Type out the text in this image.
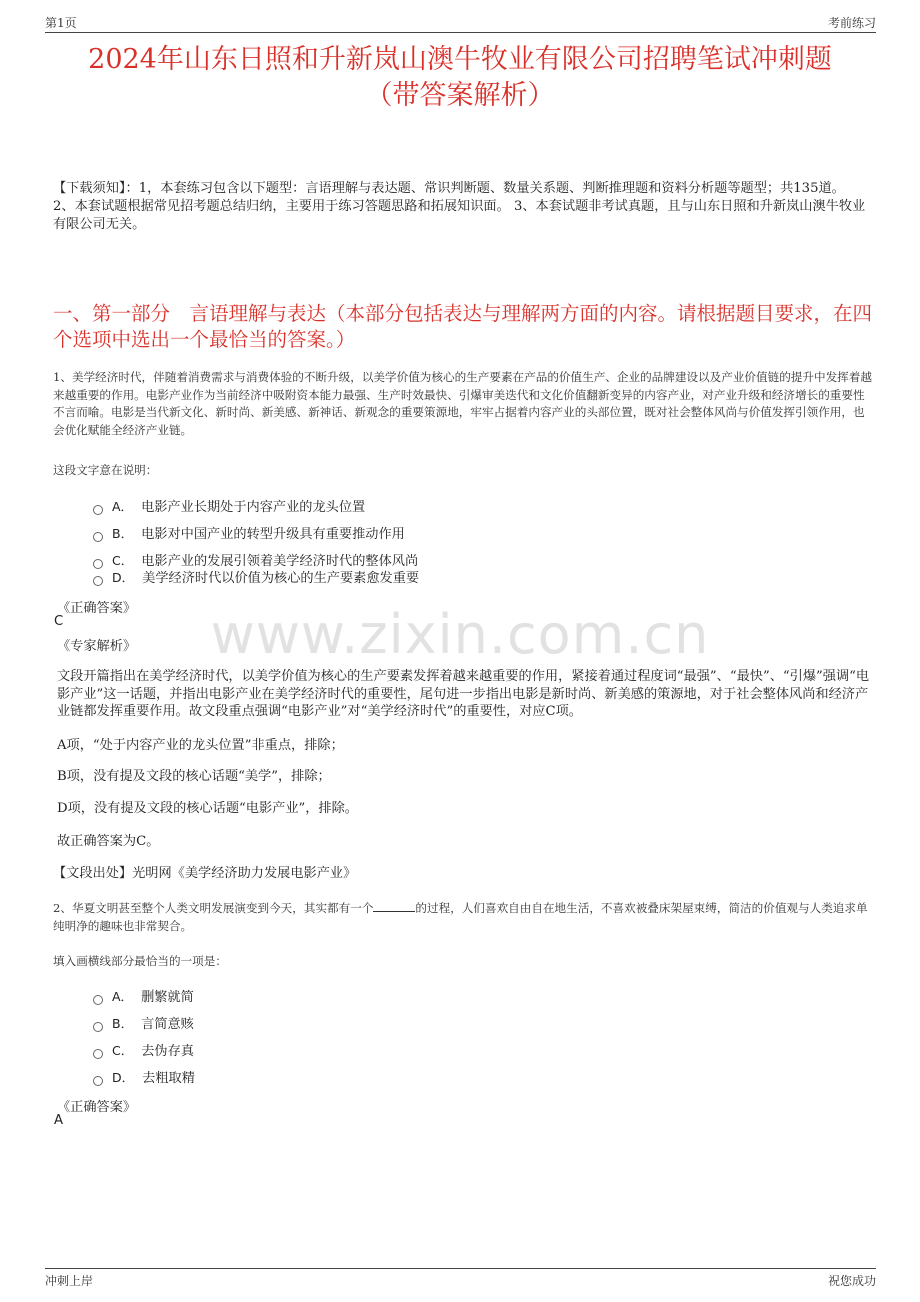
第1页	考前练习
2024年山东日照和升新岚山澳牛牧业有限公司招聘笔试冲刺题
（带答案解析）
【下载须知】：1，本套练习包含以下题型：言语理解与表达题、常识判断题、数量关系题、判断推理题和资料分析题等题型；共135道。 2、本套试题根据常见招考题总结归纳，主要用于练习答题思路和拓展知识面。 3、本套试题非考试真题，且与山东日照和升新岚山澳牛牧业有限公司无关。
一、第一部分　言语理解与表达（本部分包括表达与理解两方面的内容。请根据题目要求，在四个选项中选出一个最恰当的答案。）
1、美学经济时代，伴随着消费需求与消费体验的不断升级，以美学价值为核心的生产要素在产品的价值生产、企业的品牌建设以及产业价值链的提升中发挥着越来越重要的作用。电影产业作为当前经济中吸附资本能力最强、生产时效最快、引爆审美迭代和文化价值翻新变异的内容产业，对产业升级和经济增长的重要性不言而喻。电影是当代新文化、新时尚、新美感、新神话、新观念的重要策源地，牢牢占据着内容产业的头部位置，既对社会整体风尚与价值发挥引领作用，也会优化赋能全经济产业链。
这段文字意在说明：
A． 电影产业长期处于内容产业的龙头位置
B． 电影对中国产业的转型升级具有重要推动作用
C． 电影产业的发展引领着美学经济时代的整体风尚
D． 美学经济时代以价值为核心的生产要素愈发重要
《正确答案》
C
《专家解析》	www.zixin.com.cn
文段开篇指出在美学经济时代，以美学价值为核心的生产要素发挥着越来越重要的作用，紧接着通过程度词“最强”、“最快”、“引爆”强调“电影产业”这一话题，并指出电影产业在美学经济时代的重要性，尾句进一步指出电影是新时尚、新美感的策源地，对于社会整体风尚和经济产业链都发挥重要作用。故文段重点强调“电影产业”对“美学经济时代”的重要性，对应C项。
A项，“处于内容产业的龙头位置”非重点，排除；
B项，没有提及文段的核心话题“美学”，排除；
D项，没有提及文段的核心话题“电影产业”，排除。
故正确答案为C。
【文段出处】光明网《美学经济助力发展电影产业》
2、华夏文明甚至整个人类文明发展演变到今天，其实都有一个	的过程，人们喜欢自由自在地生活，不喜欢被叠床架屋束缚，简洁的价值观与人类追求单纯明净的趣味也非常契合。
填入画横线部分最恰当的一项是：
A． 删繁就简
B． 言简意赅
C． 去伪存真
D． 去粗取精
《正确答案》
A
冲刺上岸	祝您成功
